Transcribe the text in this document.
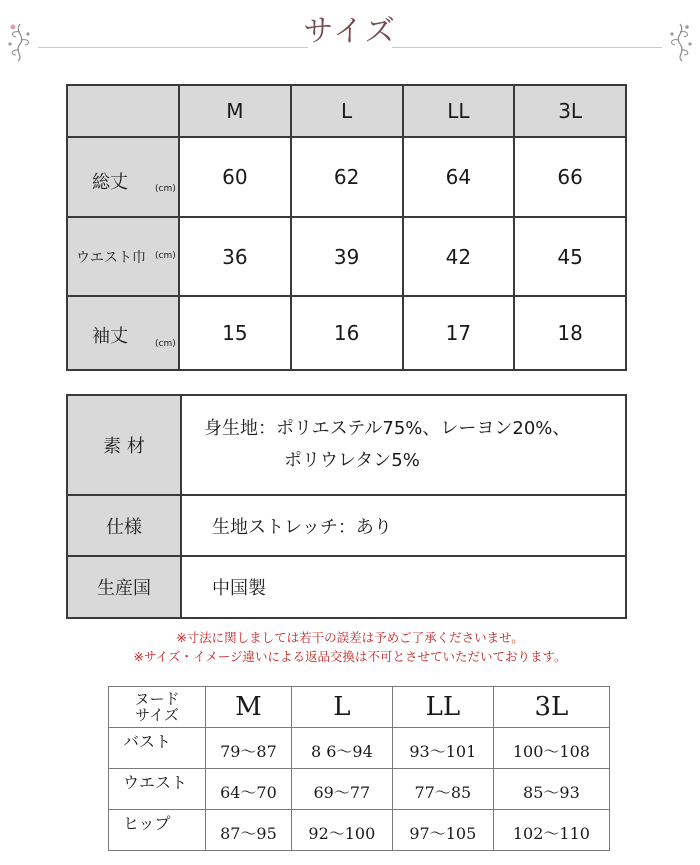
サイズ
	M	L	LL	3L

総丈 (cm)	60	62	64	66

ウエスト巾 (cm)	36	39	42	45

袖丈 (cm)	15	16	17	18
素 材	身生地：ポリエステル75%、レーヨン20%、
ポリウレタン5%

仕様	生地ストレッチ：あり
生産国	中国製
※寸法に関しましては若干の誤差は予めご了承くださいませ。
※サイズ・イメージ違いによる返品交換は不可とさせていただいております。
ヌード
サイズ	M	L	LL	3L
バスト	79〜87	8 6〜94	93〜101	100〜108
ウエスト	64〜70	69〜77	77〜85	85〜93
ヒップ	87〜95	92〜100	97〜105	102〜110
